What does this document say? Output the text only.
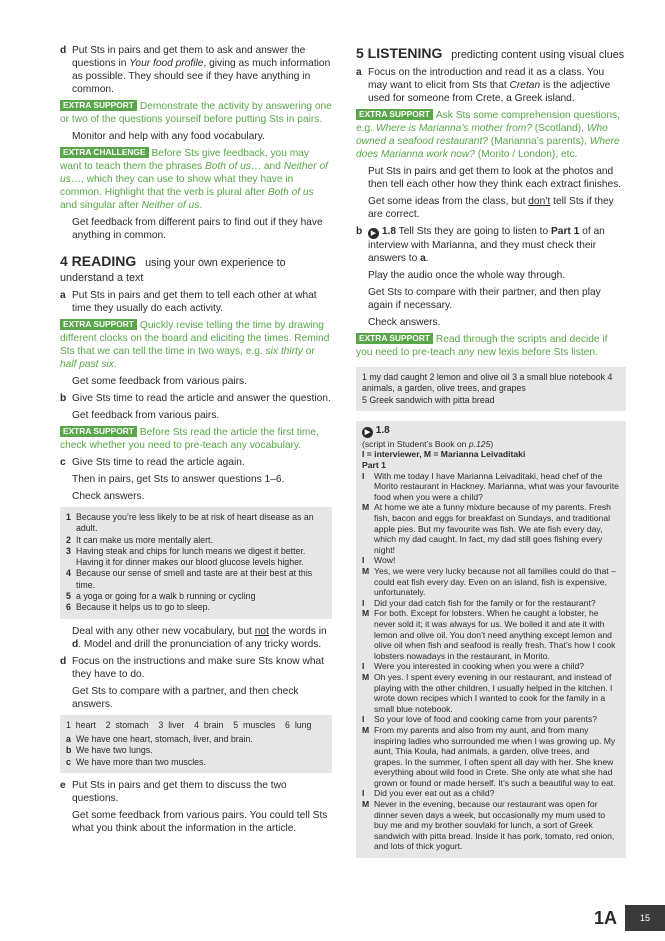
d Put Sts in pairs and get them to ask and answer the questions in Your food profile, giving as much information as possible. They should see if they have anything in common.

EXTRA SUPPORT Demonstrate the activity by answering one or two of the questions yourself before putting Sts in pairs.

Monitor and help with any food vocabulary.

EXTRA CHALLENGE Before Sts give feedback, you may want to teach them the phrases Both of us… and Neither of us…, which they can use to show what they have in common. Highlight that the verb is plural after Both of us and singular after Neither of us.

Get feedback from different pairs to find out if they have anything in common.

4 READING using your own experience to understand a text

a Put Sts in pairs and get them to tell each other at what time they usually do each activity.

EXTRA SUPPORT Quickly revise telling the time by drawing different clocks on the board and eliciting the times. Remind Sts that we can tell the time in two ways, e.g. six thirty or half past six.

Get some feedback from various pairs.

b Give Sts time to read the article and answer the question.

Get feedback from various pairs.

EXTRA SUPPORT Before Sts read the article the first time, check whether you need to pre-teach any vocabulary.

c Give Sts time to read the article again.

Then in pairs, get Sts to answer questions 1–6.

Check answers.

1 Because you’re less likely to be at risk of heart disease as an adult.
2 It can make us more mentally alert.
3 Having steak and chips for lunch means we digest it better. Having it for dinner makes our blood glucose levels higher.
4 Because our sense of smell and taste are at their best at this time.
5 a yoga or going for a walk b running or cycling
6 Because it helps us to go to sleep.

Deal with any other new vocabulary, but not the words in d. Model and drill the pronunciation of any tricky words.

d Focus on the instructions and make sure Sts know what they have to do.

Get Sts to compare with a partner, and then check answers.

1  heart    2  stomach    3  liver    4  brain    5  muscles    6  lung
a We have one heart, stomach, liver, and brain.
b We have two lungs.
c We have more than two muscles.

e Put Sts in pairs and get them to discuss the two questions.

Get some feedback from various pairs. You could tell Sts what you think about the information in the article.

5 LISTENING predicting content using visual clues

a Focus on the introduction and read it as a class. You may want to elicit from Sts that Cretan is the adjective used for someone from Crete, a Greek island.

EXTRA SUPPORT Ask Sts some comprehension questions, e.g. Where is Marianna’s mother from? (Scotland), Who owned a seafood restaurant? (Marianna’s parents), Where does Marianna work now? (Morito / London), etc.

Put Sts in pairs and get them to look at the photos and then tell each other how they think each extract finishes.

Get some ideas from the class, but don’t tell Sts if they are correct.

b ▶ 1.8 Tell Sts they are going to listen to Part 1 of an interview with Marianna, and they must check their answers to a.

Play the audio once the whole way through.

Get Sts to compare with their partner, and then play again if necessary.

Check answers.

EXTRA SUPPORT Read through the scripts and decide if you need to pre-teach any new lexis before Sts listen.

1 my dad caught 2 lemon and olive oil 3 a small blue notebook 4 animals, a garden, olive trees, and grapes
5 Greek sandwich with pitta bread
▶ 1.8
(script in Student’s Book on p.125)
I = interviewer, M = Marianna Leivaditaki
Part 1
I With me today I have Marianna Leivaditaki, head chef of the Morito restaurant in Hackney. Marianna, what was your favourite food when you were a child?
M At home we ate a funny mixture because of my parents. Fresh fish, bacon and eggs for breakfast on Sundays, and traditional apple pies. But my favourite was fish. We ate fish every day, which my dad caught. In fact, my dad still goes fishing every night!
I Wow!
M Yes, we were very lucky because not all families could do that – could eat fish every day. Even on an island, fish is expensive, unfortunately.
I Did your dad catch fish for the family or for the restaurant?
M For both. Except for lobsters. When he caught a lobster, he never sold it; it was always for us. We boiled it and ate it with lemon and olive oil. You don’t need anything except lemon and olive oil when fish and seafood is really fresh. That’s how I cook lobsters nowadays in the restaurant, in Morito.
I Were you interested in cooking when you were a child?
M Oh yes. I spent every evening in our restaurant, and instead of playing with the other children, I usually helped in the kitchen. I wrote down recipes which I wanted to cook for the family in a small blue notebook.
I So your love of food and cooking came from your parents?
M From my parents and also from my aunt, and from many inspiring ladies who surrounded me when I was growing up. My aunt, Thia Koula, had animals, a garden, olive trees, and grapes. In the summer, I often spent all day with her. She knew everything about wild food in Crete. She only ate what she had grown or found or made herself. It’s such a beautiful way to eat.
I Did you ever eat out as a child?
M Never in the evening, because our restaurant was open for dinner seven days a week, but occasionally my mum used to buy me and my brother souvlaki for lunch, a sort of Greek sandwich with pitta bread. Inside it has pork, tomato, red onion, and lots of thick yogurt.
1A	15
